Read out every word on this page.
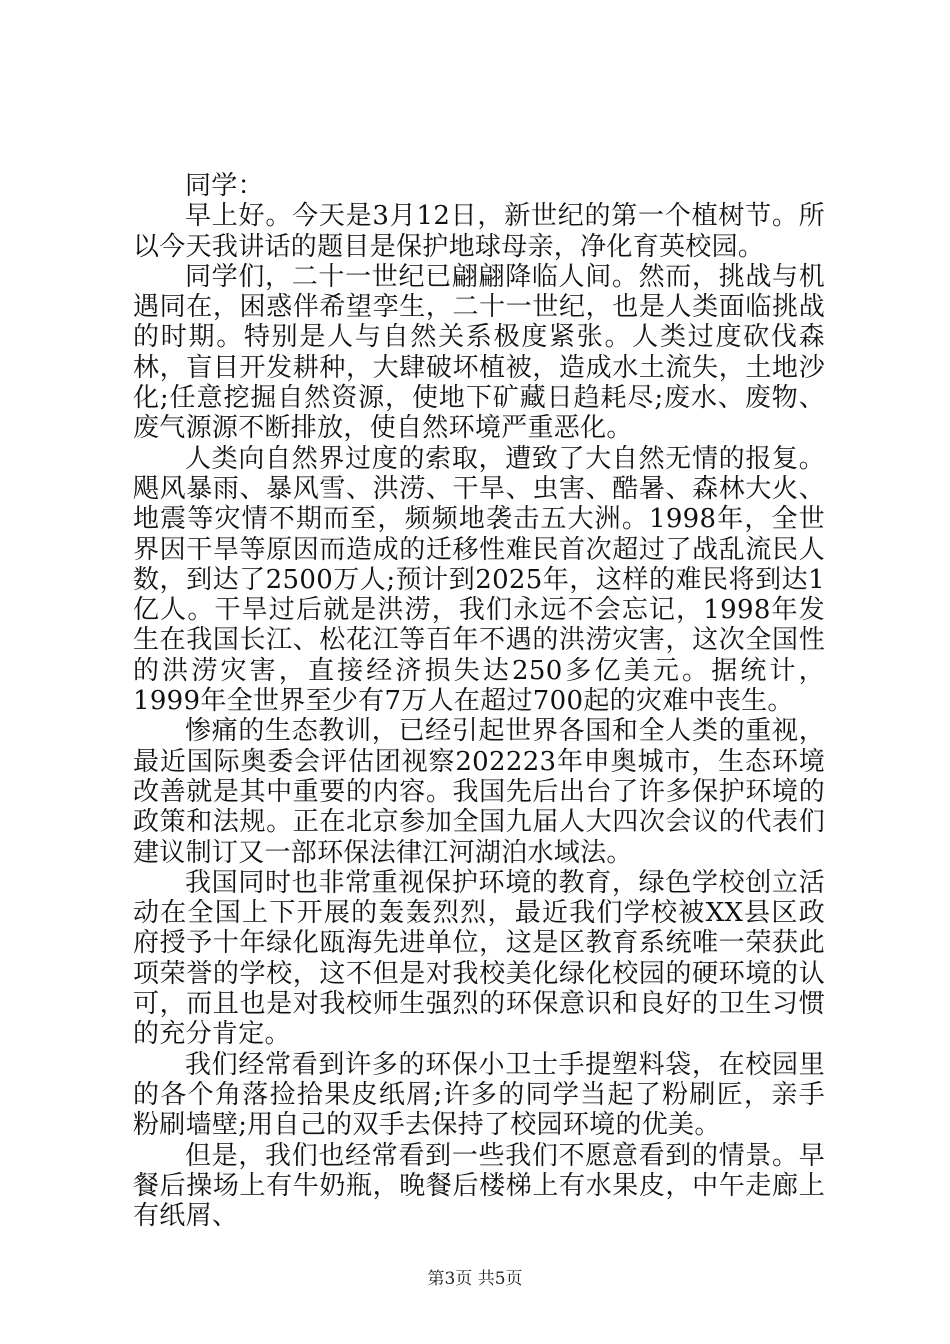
同学：

早上好。今天是3月12日，新世纪的第一个植树节。所以今天我讲话的题目是保护地球母亲，净化育英校园。

同学们，二十一世纪已翩翩降临人间。然而，挑战与机遇同在，困惑伴希望孪生，二十一世纪，也是人类面临挑战的时期。特别是人与自然关系极度紧张。人类过度砍伐森林，盲目开发耕种，大肆破坏植被，造成水土流失，土地沙化;任意挖掘自然资源，使地下矿藏日趋耗尽;废水、废物、废气源源不断排放，使自然环境严重恶化。

人类向自然界过度的索取，遭致了大自然无情的报复。飓风暴雨、暴风雪、洪涝、干旱、虫害、酷暑、森林大火、地震等灾情不期而至，频频地袭击五大洲。1998年，全世界因干旱等原因而造成的迁移性难民首次超过了战乱流民人数，到达了2500万人;预计到2025年，这样的难民将到达1亿人。干旱过后就是洪涝，我们永远不会忘记，1998年发生在我国长江、松花江等百年不遇的洪涝灾害，这次全国性的洪涝灾害，直接经济损失达250多亿美元。据统计，1999年全世界至少有7万人在超过700起的灾难中丧生。

惨痛的生态教训，已经引起世界各国和全人类的重视，最近国际奥委会评估团视察202223年申奥城市，生态环境改善就是其中重要的内容。我国先后出台了许多保护环境的政策和法规。正在北京参加全国九届人大四次会议的代表们建议制订又一部环保法律江河湖泊水域法。

我国同时也非常重视保护环境的教育，绿色学校创立活动在全国上下开展的轰轰烈烈，最近我们学校被XX县区政府授予十年绿化瓯海先进单位，这是区教育系统唯一荣获此项荣誉的学校，这不但是对我校美化绿化校园的硬环境的认可，而且也是对我校师生强烈的环保意识和良好的卫生习惯的充分肯定。

我们经常看到许多的环保小卫士手提塑料袋，在校园里的各个角落捡拾果皮纸屑;许多的同学当起了粉刷匠，亲手粉刷墙壁;用自己的双手去保持了校园环境的优美。

但是，我们也经常看到一些我们不愿意看到的情景。早餐后操场上有牛奶瓶，晚餐后楼梯上有水果皮，中午走廊上有纸屑、

第3页 共5页
